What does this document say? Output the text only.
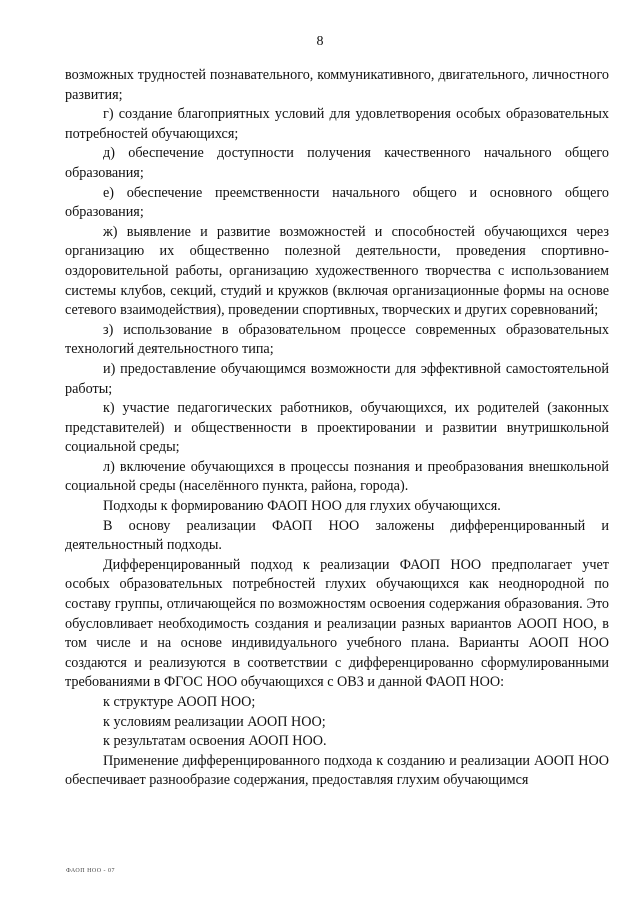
8

возможных трудностей познавательного, коммуникативного, двигательного, личностного развития;

г) создание благоприятных условий для удовлетворения особых образовательных потребностей обучающихся;

д) обеспечение доступности получения качественного начального общего образования;

е) обеспечение преемственности начального общего и основного общего образования;

ж) выявление и развитие возможностей и способностей обучающихся через организацию их общественно полезной деятельности, проведения спортивно-оздоровительной работы, организацию художественного творчества с использованием системы клубов, секций, студий и кружков (включая организационные формы на основе сетевого взаимодействия), проведении спортивных, творческих и других соревнований;

з) использование в образовательном процессе современных образовательных технологий деятельностного типа;

и) предоставление обучающимся возможности для эффективной самостоятельной работы;

к) участие педагогических работников, обучающихся, их родителей (законных представителей) и общественности в проектировании и развитии внутришкольной социальной среды;

л) включение обучающихся в процессы познания и преобразования внешкольной социальной среды (населённого пункта, района, города).

Подходы к формированию ФАОП НОО для глухих обучающихся.

В основу реализации ФАОП НОО заложены дифференцированный и деятельностный подходы.

Дифференцированный подход к реализации ФАОП НОО предполагает учет особых образовательных потребностей глухих обучающихся как неоднородной по составу группы, отличающейся по возможностям освоения содержания образования. Это обусловливает необходимость создания и реализации разных вариантов АООП НОО, в том числе и на основе индивидуального учебного плана. Варианты АООП НОО создаются и реализуются в соответствии с дифференцированно сформулированными требованиями в ФГОС НОО обучающихся с ОВЗ и данной ФАОП НОО:

к структуре АООП НОО;

к условиям реализации АООП НОО;

к результатам освоения АООП НОО.

Применение дифференцированного подхода к созданию и реализации АООП НОО обеспечивает разнообразие содержания, предоставляя глухим обучающимся

ФАОП НОО - 07
